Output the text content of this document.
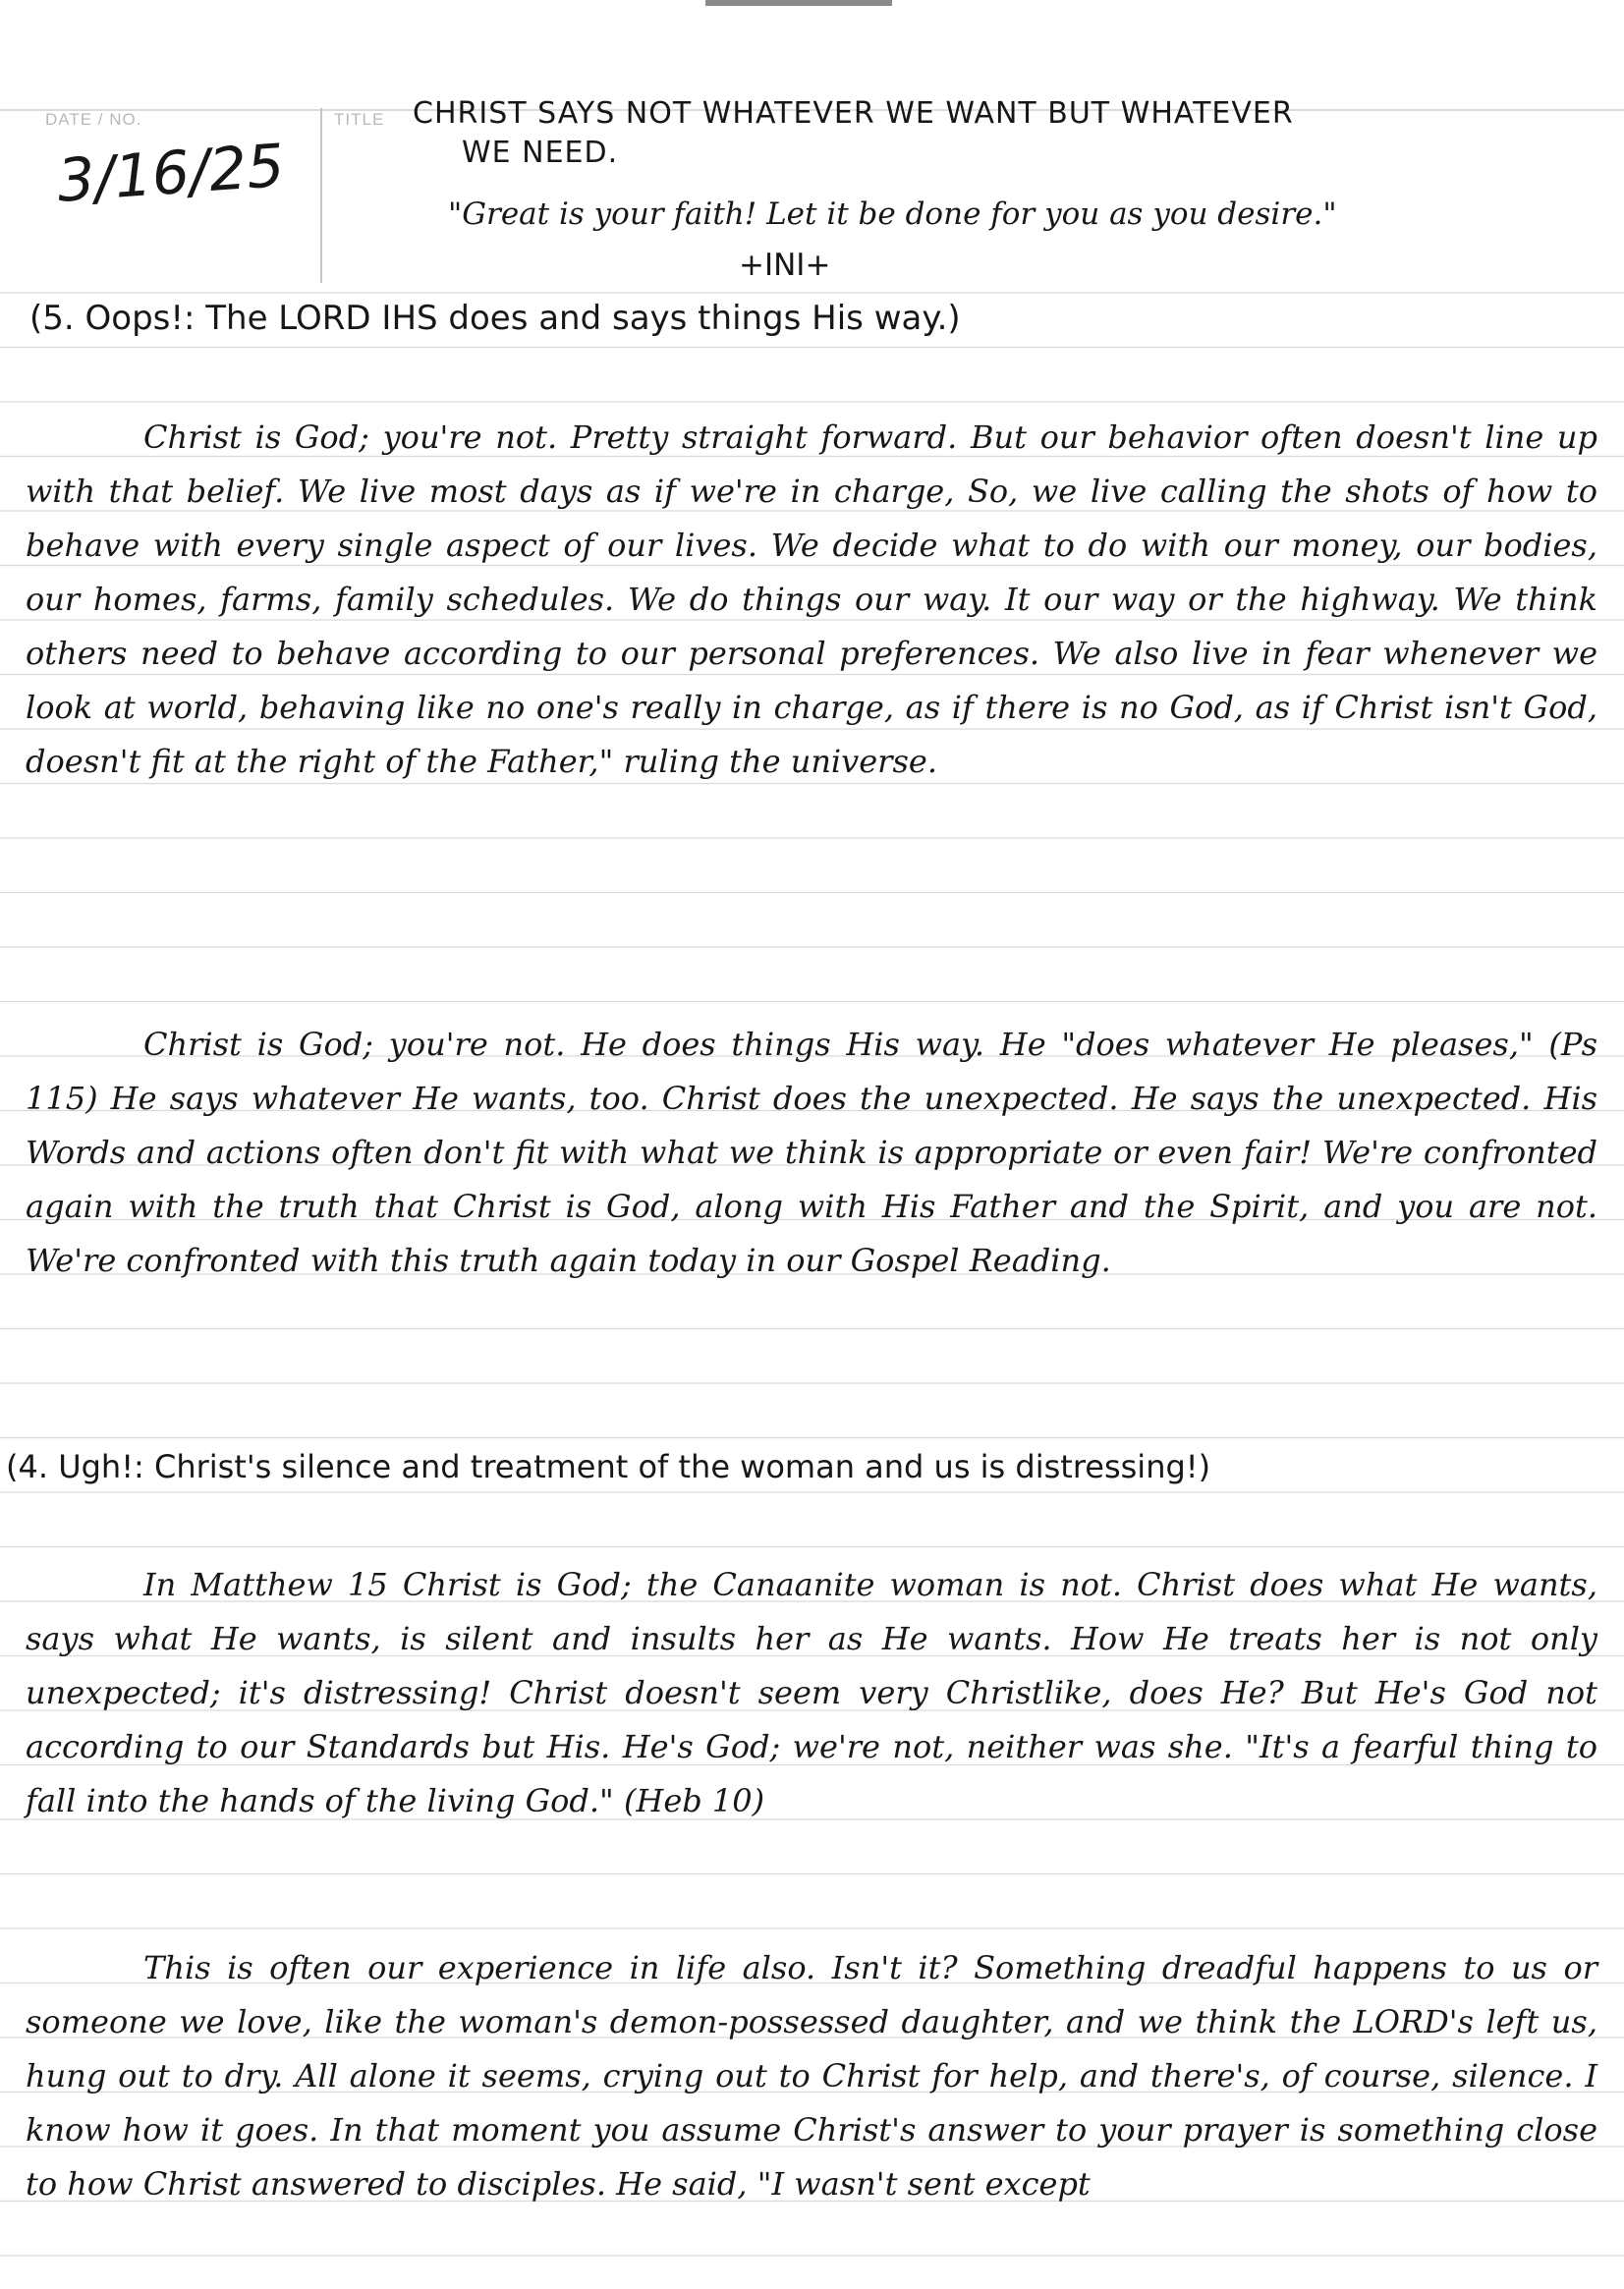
DATE / NO.	TITLE
3/16/25
CHRIST SAYS NOT WHATEVER WE WANT BUT WHATEVER
WE NEED.
"Great is your faith! Let it be done for you as you desire."
+INI+
(5. Oops!: The LORD IHS does and says things His way.)
Christ is God; you're not. Pretty straight forward. But our behavior often doesn't line up with that belief. We live most days as if we're in charge, So, we live calling the shots of how to behave with every single aspect of our lives. We decide what to do with our money, our bodies, our homes, farms, family schedules. We do things our way. It our way or the highway. We think others need to behave according to our personal preferences. We also live in fear whenever we look at world, behaving like no one's really in charge, as if there is no God, as if Christ isn't God, doesn't fit at the right of the Father," ruling the universe.
Christ is God; you're not. He does things His way. He "does whatever He pleases," (Ps 115) He says whatever He wants, too. Christ does the unexpected. He says the unexpected. His Words and actions often don't fit with what we think is appropriate or even fair! We're confronted again with the truth that Christ is God, along with His Father and the Spirit, and you are not. We're confronted with this truth again today in our Gospel Reading.
(4. Ugh!: Christ's silence and treatment of the woman and us is distressing!)
In Matthew 15 Christ is God; the Canaanite woman is not. Christ does what He wants, says what He wants, is silent and insults her as He wants. How He treats her is not only unexpected; it's distressing! Christ doesn't seem very Christlike, does He? But He's God not according to our Standards but His. He's God; we're not, neither was she. "It's a fearful thing to fall into the hands of the living God." (Heb 10)
This is often our experience in life also. Isn't it? Something dreadful happens to us or someone we love, like the woman's demon-possessed daughter, and we think the LORD's left us, hung out to dry. All alone it seems, crying out to Christ for help, and there's, of course, silence. I know how it goes. In that moment you assume Christ's answer to your prayer is something close to how Christ answered to disciples. He said, "I wasn't sent except
